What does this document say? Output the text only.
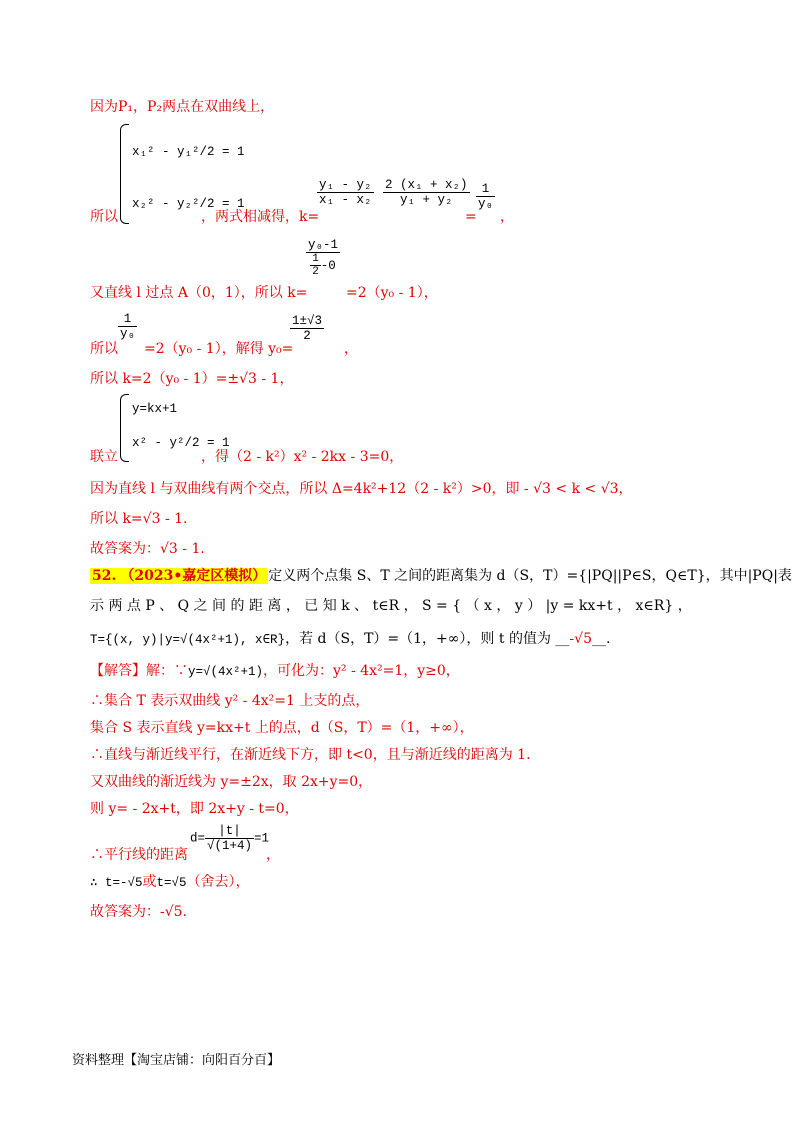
因为P₁，P₂两点在双曲线上，
x₁² - y₁²/2 = 1
x₂² - y₂²/2 = 1
所以	，两式相减得，k=
$\frac{\text{y₁ - y₂}}{\text{x₁ - x₂}} \frac{\text{2 (x₁ + x₂)}}{\text{y₁ + y₂}}$
=
$\frac{1}{\text{y₀}}$
，
又直线 l 过点 A（0，1），所以 k=
$\frac{\text{y₀-1}}{\frac{1}{2} -0}$
=2（y₀ - 1），
所以
$\frac{1}{\text{y₀}}$
=2（y₀ - 1），解得 y₀=
$\frac{1\pm√3}{2}$
，
所以 k=2（y₀ - 1）=±√3 - 1，
y=kx+1
x² - y²/2 = 1
联立	，得（2 - k²）x² - 2kx - 3=0，
因为直线 l 与双曲线有两个交点，所以 Δ=4k²+12（2 - k²）>0，即 - √3 < k < √3，
所以 k=√3 - 1.
故答案为：√3 - 1.
52. （2023•嘉定区模拟） 定义两个点集 S、T 之间的距离集为 d（S，T）={|PQ||P∈S，Q∈T}，其中|PQ|表
示 两 点 P 、 Q 之 间 的 距 离 ， 已 知 k 、 t∈R ， S = { （ x ， y ） |y = kx+t ， x∈R} ，
T={(x, y)|y=√(4x²+1), x∈R}，若 d（S，T）=（1，+∞），则 t 的值为 __-√5__.
【解答】解：∵y=√(4x²+1)，可化为：y² - 4x²=1，y≥0，
∴集合 T 表示双曲线 y² - 4x²=1 上支的点，
集合 S 表示直线 y=kx+t 上的点，d（S，T）=（1，+∞），
∴直线与渐近线平行，在渐近线下方，即 t<0，且与渐近线的距离为 1.
又双曲线的渐近线为 y=±2x，取 2x+y=0，
则 y= - 2x+t，即 2x+y - t=0，
∴平行线的距离
$d= \frac{|t|}{√(1+4)} =1$
，
∴ t=-√5或t=√5（舍去），
故答案为：-√5.
资料整理【淘宝店铺：向阳百分百】
